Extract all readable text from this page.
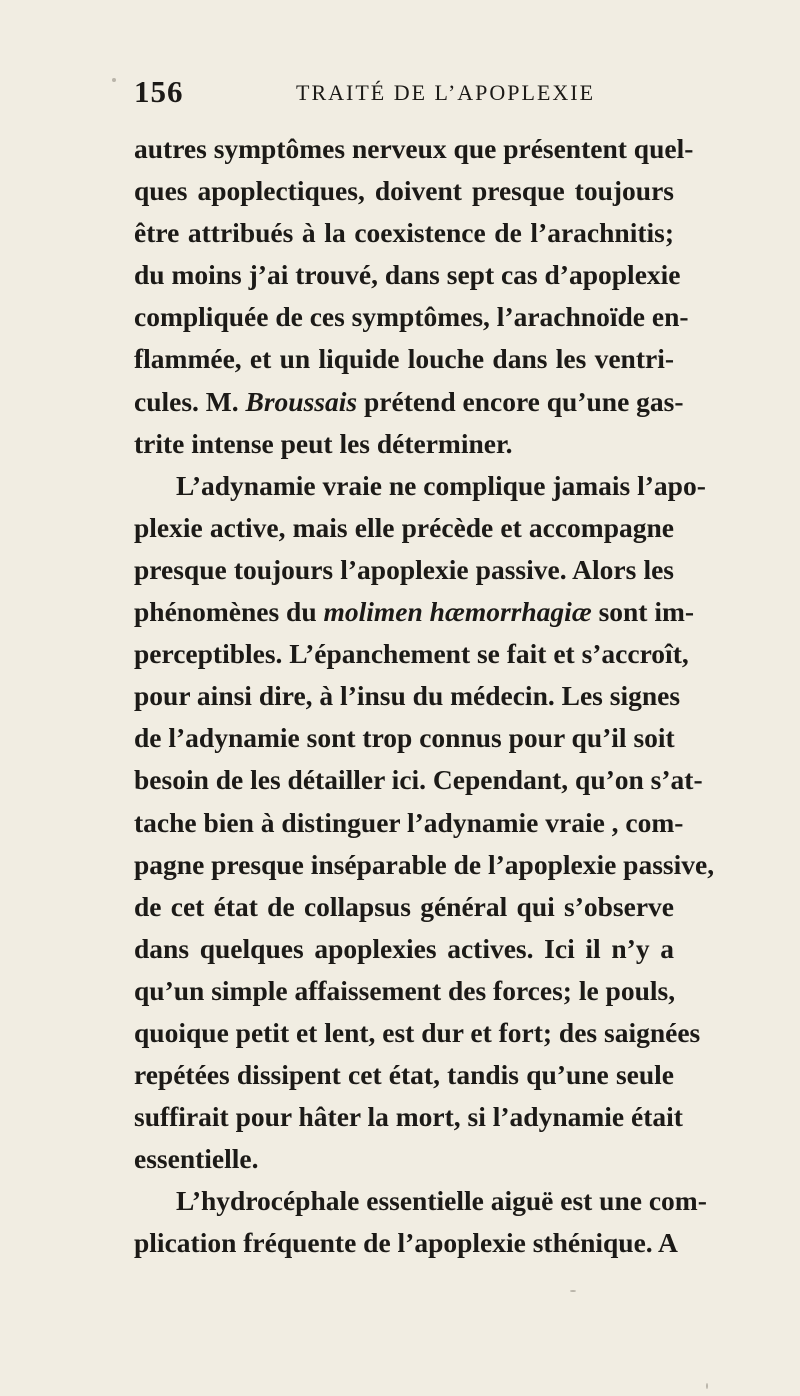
156	TRAITÉ DE L’APOPLEXIE
autres symptômes nerveux que présentent quel-
ques apoplectiques, doivent presque toujours
être attribués à la coexistence de l’arachnitis;
du moins j’ai trouvé, dans sept cas d’apoplexie
compliquée de ces symptômes, l’arachnoïde en-
flammée, et un liquide louche dans les ventri-
cules. M. Broussais prétend encore qu’une gas-
trite intense peut les déterminer.
L’adynamie vraie ne complique jamais l’apo-
plexie active, mais elle précède et accompagne
presque toujours l’apoplexie passive. Alors les
phénomènes du molimen hæmorrhagiæ sont im-
perceptibles. L’épanchement se fait et s’accroît,
pour ainsi dire, à l’insu du médecin. Les signes
de l’adynamie sont trop connus pour qu’il soit
besoin de les détailler ici. Cependant, qu’on s’at-
tache bien à distinguer l’adynamie vraie , com-
pagne presque inséparable de l’apoplexie passive,
de cet état de collapsus général qui s’observe
dans quelques apoplexies actives. Ici il n’y a
qu’un simple affaissement des forces; le pouls,
quoique petit et lent, est dur et fort; des saignées
repétées dissipent cet état, tandis qu’une seule
suffirait pour hâter la mort, si l’adynamie était
essentielle.
L’hydrocéphale essentielle aiguë est une com-
plication fréquente de l’apoplexie sthénique. A
